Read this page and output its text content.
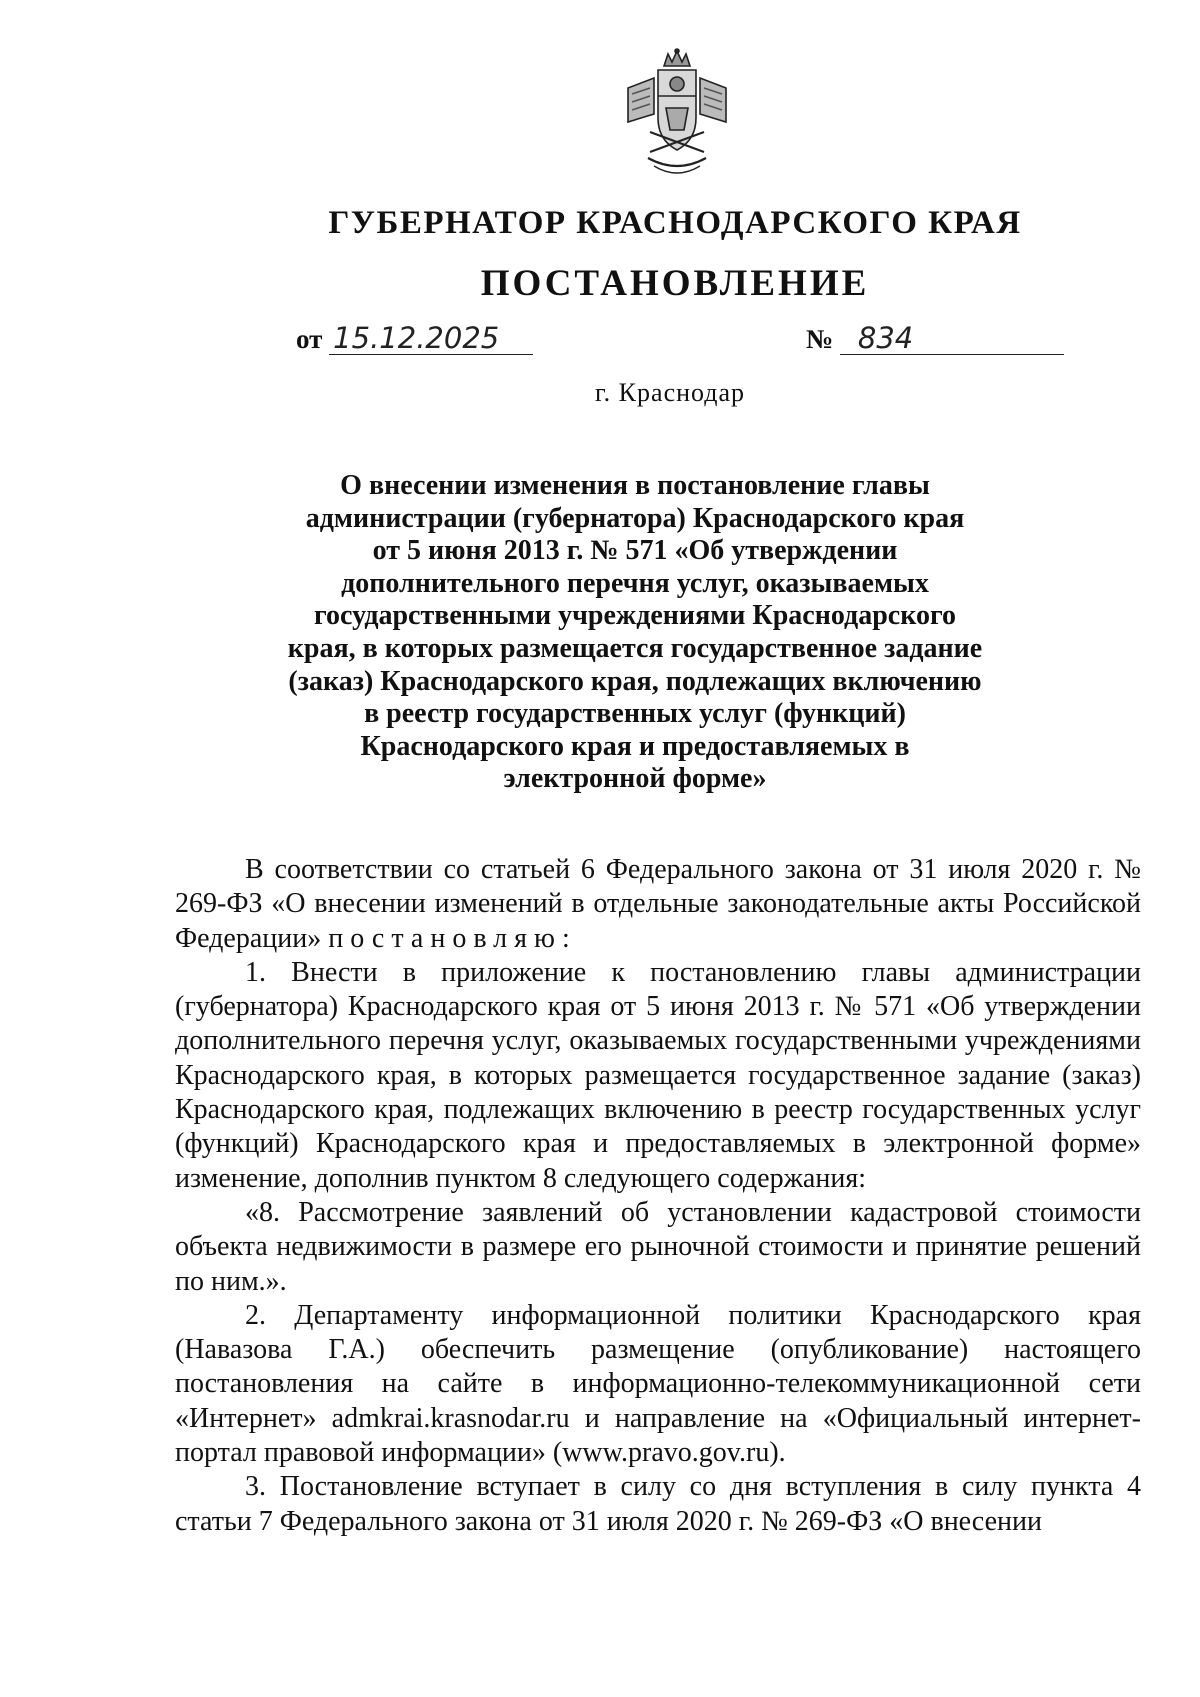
ГУБЕРНАТОР КРАСНОДАРСКОГО КРАЯ
ПОСТАНОВЛЕНИЕ
от 15.12.2025	№ 834
г. Краснодар
О внесении изменения в постановление главы
администрации (губернатора) Краснодарского края
от 5 июня 2013 г. № 571 «Об утверждении
дополнительного перечня услуг, оказываемых
государственными учреждениями Краснодарского
края, в которых размещается государственное задание
(заказ) Краснодарского края, подлежащих включению
в реестр государственных услуг (функций)
Краснодарского края и предоставляемых в
электронной форме»

В соответствии со статьей 6 Федерального закона от 31 июля 2020 г. № 269-ФЗ «О внесении изменений в отдельные законодательные акты Российской Федерации» постановляю:

1. Внести в приложение к постановлению главы администрации (губернатора) Краснодарского края от 5 июня 2013 г. № 571 «Об утверждении дополнительного перечня услуг, оказываемых государственными учреждениями Краснодарского края, в которых размещается государственное задание (заказ) Краснодарского края, подлежащих включению в реестр государственных услуг (функций) Краснодарского края и предоставляемых в электронной форме» изменение, дополнив пунктом 8 следующего содержания:

«8. Рассмотрение заявлений об установлении кадастровой стоимости объекта недвижимости в размере его рыночной стоимости и принятие решений по ним.».

2. Департаменту информационной политики Краснодарского края (Навазова Г.А.) обеспечить размещение (опубликование) настоящего постановления на сайте в информационно-телекоммуникационной сети «Интернет» admkrai.krasnodar.ru и направление на «Официальный интернет-портал правовой информации» (www.pravo.gov.ru).

3. Постановление вступает в силу со дня вступления в силу пункта 4 статьи 7 Федерального закона от 31 июля 2020 г. № 269-ФЗ «О внесении
